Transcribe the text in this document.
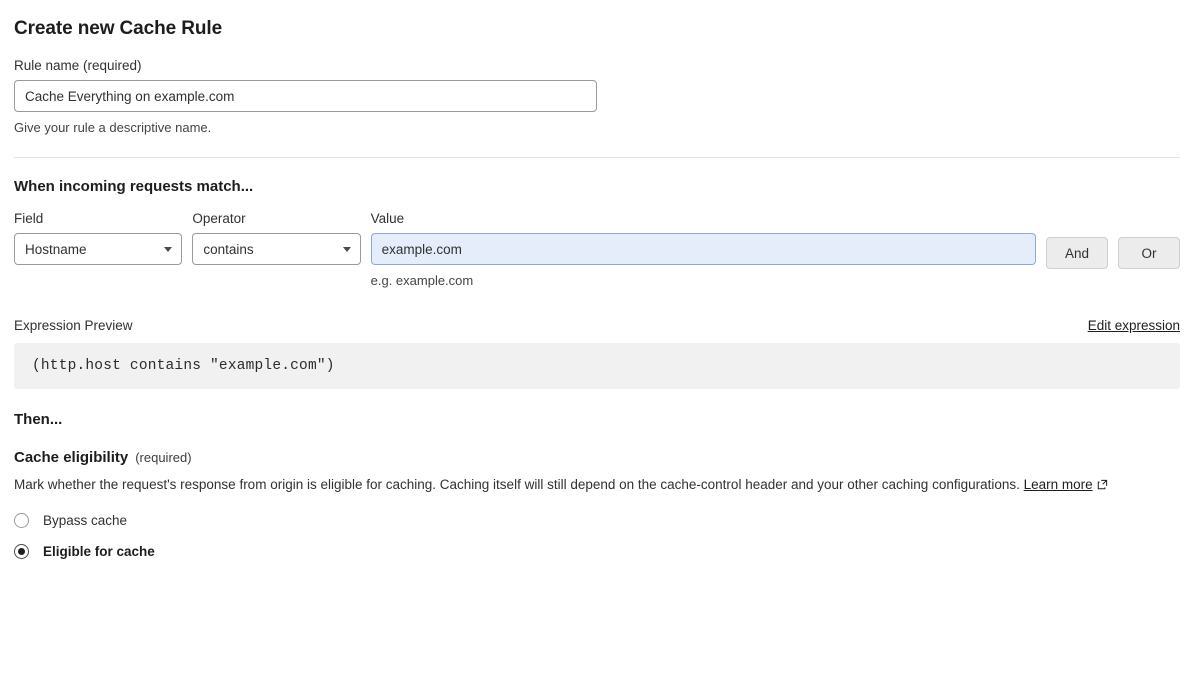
Create new Cache Rule
Rule name (required)
Cache Everything on example.com
Give your rule a descriptive name.
When incoming requests match...
Field
Hostname
Operator
contains
Value
example.com
e.g. example.com
And	Or
Expression Preview	Edit expression
(http.host contains "example.com")
Then...
Cache eligibility (required)
Mark whether the request's response from origin is eligible for caching. Caching itself will still depend on the cache-control header and your other caching configurations. Learn more
Bypass cache
Eligible for cache
